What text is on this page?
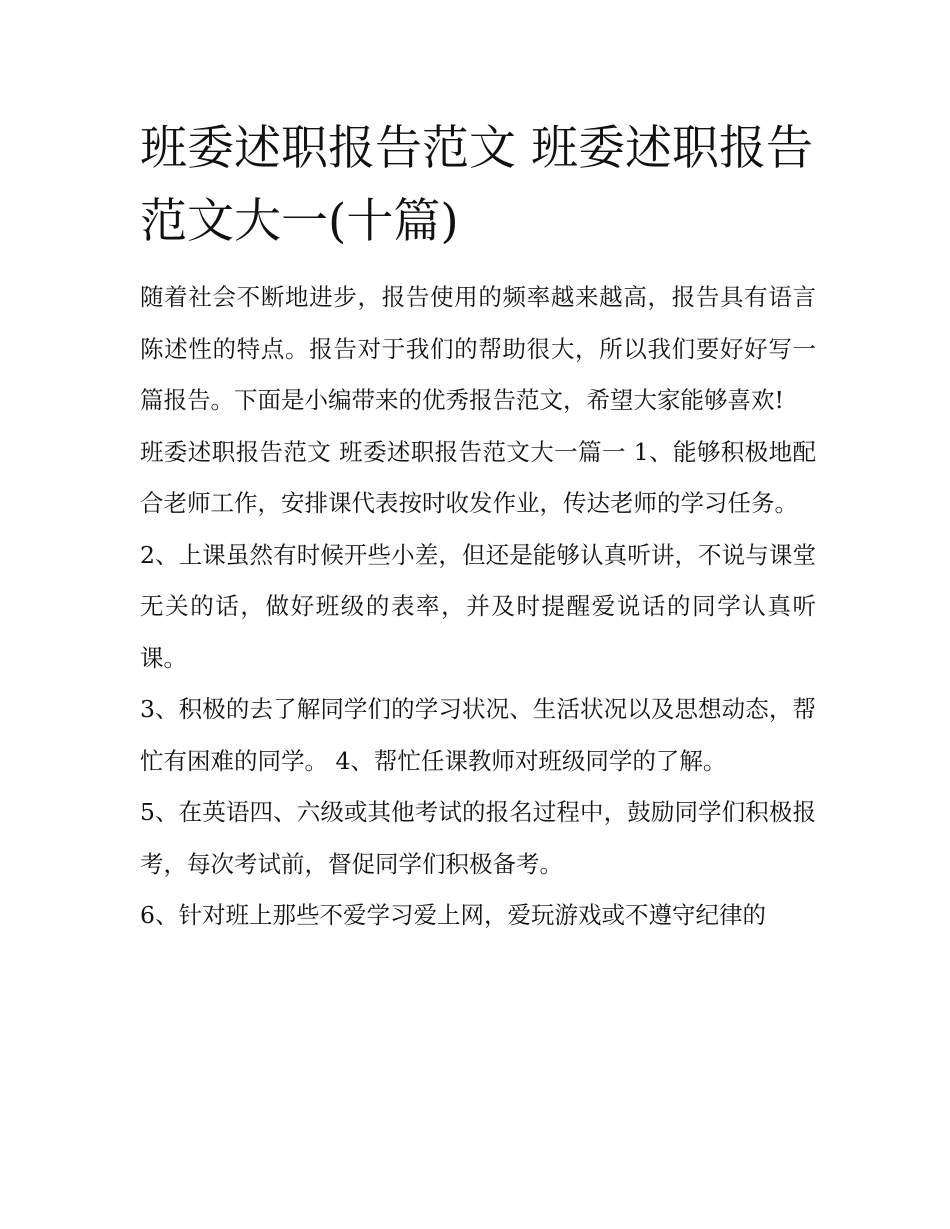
班委述职报告范文 班委述职报告范文大一(十篇)

随着社会不断地进步，报告使用的频率越来越高，报告具有语言陈述性的特点。报告对于我们的帮助很大，所以我们要好好写一篇报告。下面是小编带来的优秀报告范文，希望大家能够喜欢!

班委述职报告范文 班委述职报告范文大一篇一 1、能够积极地配合老师工作，安排课代表按时收发作业，传达老师的学习任务。

2、上课虽然有时候开些小差，但还是能够认真听讲，不说与课堂无关的话，做好班级的表率，并及时提醒爱说话的同学认真听课。

3、积极的去了解同学们的学习状况、生活状况以及思想动态，帮忙有困难的同学。 4、帮忙任课教师对班级同学的了解。

5、在英语四、六级或其他考试的报名过程中，鼓励同学们积极报考，每次考试前，督促同学们积极备考。

6、针对班上那些不爱学习爱上网，爱玩游戏或不遵守纪律的
